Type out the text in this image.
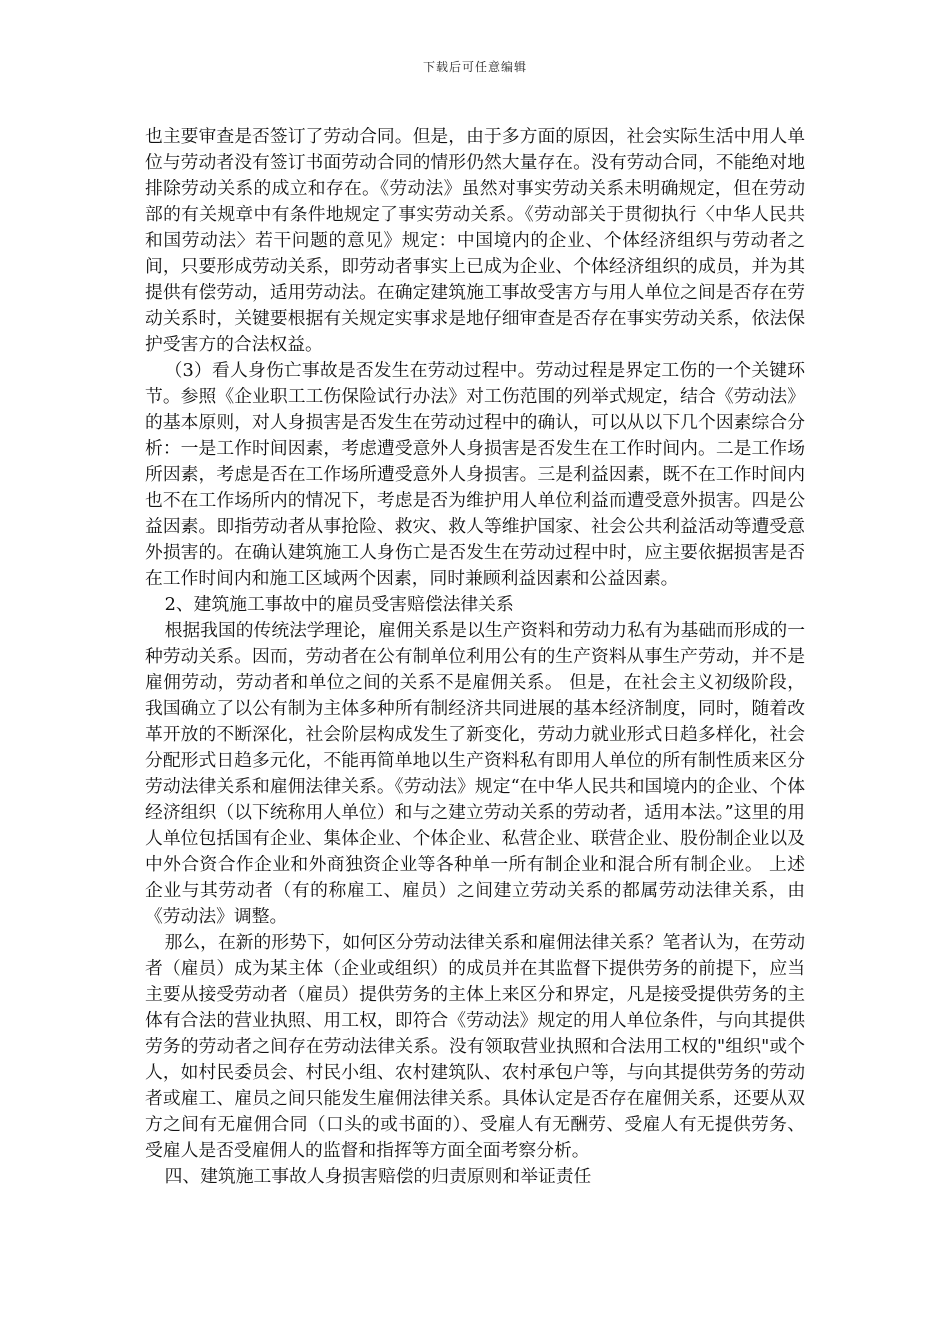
下载后可任意编辑

也主要审查是否签订了劳动合同。但是，由于多方面的原因，社会实际生活中用人单位与劳动者没有签订书面劳动合同的情形仍然大量存在。没有劳动合同，不能绝对地排除劳动关系的成立和存在。《劳动法》虽然对事实劳动关系未明确规定，但在劳动部的有关规章中有条件地规定了事实劳动关系。《劳动部关于贯彻执行〈中华人民共和国劳动法〉若干问题的意见》规定：中国境内的企业、个体经济组织与劳动者之间，只要形成劳动关系，即劳动者事实上已成为企业、个体经济组织的成员，并为其提供有偿劳动，适用劳动法。在确定建筑施工事故受害方与用人单位之间是否存在劳动关系时，关键要根据有关规定实事求是地仔细审查是否存在事实劳动关系，依法保护受害方的合法权益。

（3）看人身伤亡事故是否发生在劳动过程中。劳动过程是界定工伤的一个关键环节。参照《企业职工工伤保险试行办法》对工伤范围的列举式规定，结合《劳动法》的基本原则，对人身损害是否发生在劳动过程中的确认，可以从以下几个因素综合分析：一是工作时间因素，考虑遭受意外人身损害是否发生在工作时间内。二是工作场所因素，考虑是否在工作场所遭受意外人身损害。三是利益因素，既不在工作时间内也不在工作场所内的情况下，考虑是否为维护用人单位利益而遭受意外损害。四是公益因素。即指劳动者从事抢险、救灾、救人等维护国家、社会公共利益活动等遭受意外损害的。在确认建筑施工人身伤亡是否发生在劳动过程中时，应主要依据损害是否在工作时间内和施工区域两个因素，同时兼顾利益因素和公益因素。

2、建筑施工事故中的雇员受害赔偿法律关系

根据我国的传统法学理论，雇佣关系是以生产资料和劳动力私有为基础而形成的一种劳动关系。因而，劳动者在公有制单位利用公有的生产资料从事生产劳动，并不是雇佣劳动，劳动者和单位之间的关系不是雇佣关系。 但是，在社会主义初级阶段，我国确立了以公有制为主体多种所有制经济共同进展的基本经济制度，同时，随着改革开放的不断深化，社会阶层构成发生了新变化，劳动力就业形式日趋多样化，社会分配形式日趋多元化，不能再简单地以生产资料私有即用人单位的所有制性质来区分劳动法律关系和雇佣法律关系。《劳动法》规定“在中华人民共和国境内的企业、个体经济组织（以下统称用人单位）和与之建立劳动关系的劳动者，适用本法。”这里的用人单位包括国有企业、集体企业、个体企业、私营企业、联营企业、股份制企业以及中外合资合作企业和外商独资企业等各种单一所有制企业和混合所有制企业。 上述企业与其劳动者（有的称雇工、雇员）之间建立劳动关系的都属劳动法律关系，由《劳动法》调整。

那么，在新的形势下，如何区分劳动法律关系和雇佣法律关系？笔者认为，在劳动者（雇员）成为某主体（企业或组织）的成员并在其监督下提供劳务的前提下，应当主要从接受劳动者（雇员）提供劳务的主体上来区分和界定，凡是接受提供劳务的主体有合法的营业执照、用工权，即符合《劳动法》规定的用人单位条件，与向其提供劳务的劳动者之间存在劳动法律关系。没有领取营业执照和合法用工权的"组织"或个人，如村民委员会、村民小组、农村建筑队、农村承包户等，与向其提供劳务的劳动者或雇工、雇员之间只能发生雇佣法律关系。具体认定是否存在雇佣关系，还要从双方之间有无雇佣合同（口头的或书面的）、受雇人有无酬劳、受雇人有无提供劳务、受雇人是否受雇佣人的监督和指挥等方面全面考察分析。

四、建筑施工事故人身损害赔偿的归责原则和举证责任
